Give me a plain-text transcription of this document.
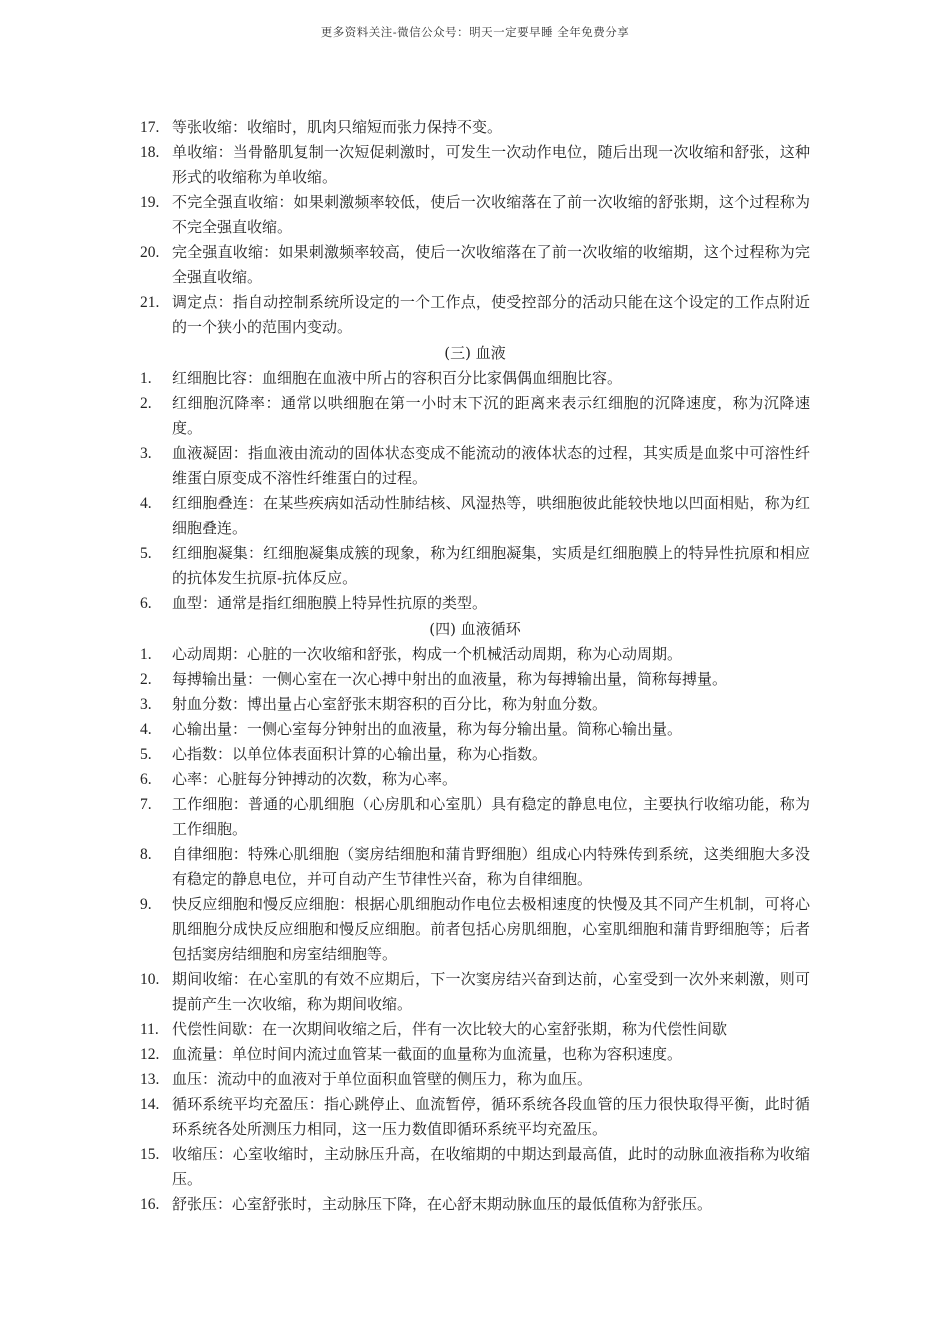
更多资料关注-微信公众号：明天一定要早睡 全年免费分享
17. 等张收缩：收缩时，肌肉只缩短而张力保持不变。
18. 单收缩：当骨骼肌复制一次短促刺激时，可发生一次动作电位，随后出现一次收缩和舒张，这种形式的收缩称为单收缩。
19. 不完全强直收缩：如果刺激频率较低，使后一次收缩落在了前一次收缩的舒张期，这个过程称为不完全强直收缩。
20. 完全强直收缩：如果刺激频率较高，使后一次收缩落在了前一次收缩的收缩期，这个过程称为完全强直收缩。
21. 调定点：指自动控制系统所设定的一个工作点，使受控部分的活动只能在这个设定的工作点附近的一个狭小的范围内变动。
(三) 血液
1.	红细胞比容：血细胞在血液中所占的容积百分比家偶偶血细胞比容。
2.	红细胞沉降率：通常以哄细胞在第一小时末下沉的距离来表示红细胞的沉降速度，称为沉降速度。
3.	血液凝固：指血液由流动的固体状态变成不能流动的液体状态的过程，其实质是血浆中可溶性纤维蛋白原变成不溶性纤维蛋白的过程。
4.	红细胞叠连：在某些疾病如活动性肺结核、风湿热等，哄细胞彼此能较快地以凹面相贴，称为红细胞叠连。
5.	红细胞凝集：红细胞凝集成簇的现象，称为红细胞凝集，实质是红细胞膜上的特异性抗原和相应的抗体发生抗原-抗体反应。
6.	血型：通常是指红细胞膜上特异性抗原的类型。
(四) 血液循环
1.	心动周期：心脏的一次收缩和舒张，构成一个机械活动周期，称为心动周期。
2.	每搏输出量：一侧心室在一次心搏中射出的血液量，称为每搏输出量，简称每搏量。
3.	射血分数：博出量占心室舒张末期容积的百分比，称为射血分数。
4.	心输出量：一侧心室每分钟射出的血液量，称为每分输出量。简称心输出量。
5.	心指数：以单位体表面积计算的心输出量，称为心指数。
6.	心率：心脏每分钟搏动的次数，称为心率。
7.	工作细胞：普通的心肌细胞（心房肌和心室肌）具有稳定的静息电位，主要执行收缩功能，称为工作细胞。
8.	自律细胞：特殊心肌细胞（窦房结细胞和蒲肯野细胞）组成心内特殊传到系统，这类细胞大多没有稳定的静息电位，并可自动产生节律性兴奋，称为自律细胞。
9.	快反应细胞和慢反应细胞：根据心肌细胞动作电位去极相速度的快慢及其不同产生机制，可将心肌细胞分成快反应细胞和慢反应细胞。前者包括心房肌细胞，心室肌细胞和蒲肯野细胞等；后者包括窦房结细胞和房室结细胞等。
10. 期间收缩：在心室肌的有效不应期后，下一次窦房结兴奋到达前，心室受到一次外来刺激，则可提前产生一次收缩，称为期间收缩。
11. 代偿性间歇：在一次期间收缩之后，伴有一次比较大的心室舒张期，称为代偿性间歇
12. 血流量：单位时间内流过血管某一截面的血量称为血流量，也称为容积速度。
13. 血压：流动中的血液对于单位面积血管壁的侧压力，称为血压。
14. 循环系统平均充盈压：指心跳停止、血流暂停，循环系统各段血管的压力很快取得平衡，此时循环系统各处所测压力相同，这一压力数值即循环系统平均充盈压。
15. 收缩压：心室收缩时，主动脉压升高，在收缩期的中期达到最高值，此时的动脉血液指称为收缩压。
16. 舒张压：心室舒张时，主动脉压下降，在心舒末期动脉血压的最低值称为舒张压。
